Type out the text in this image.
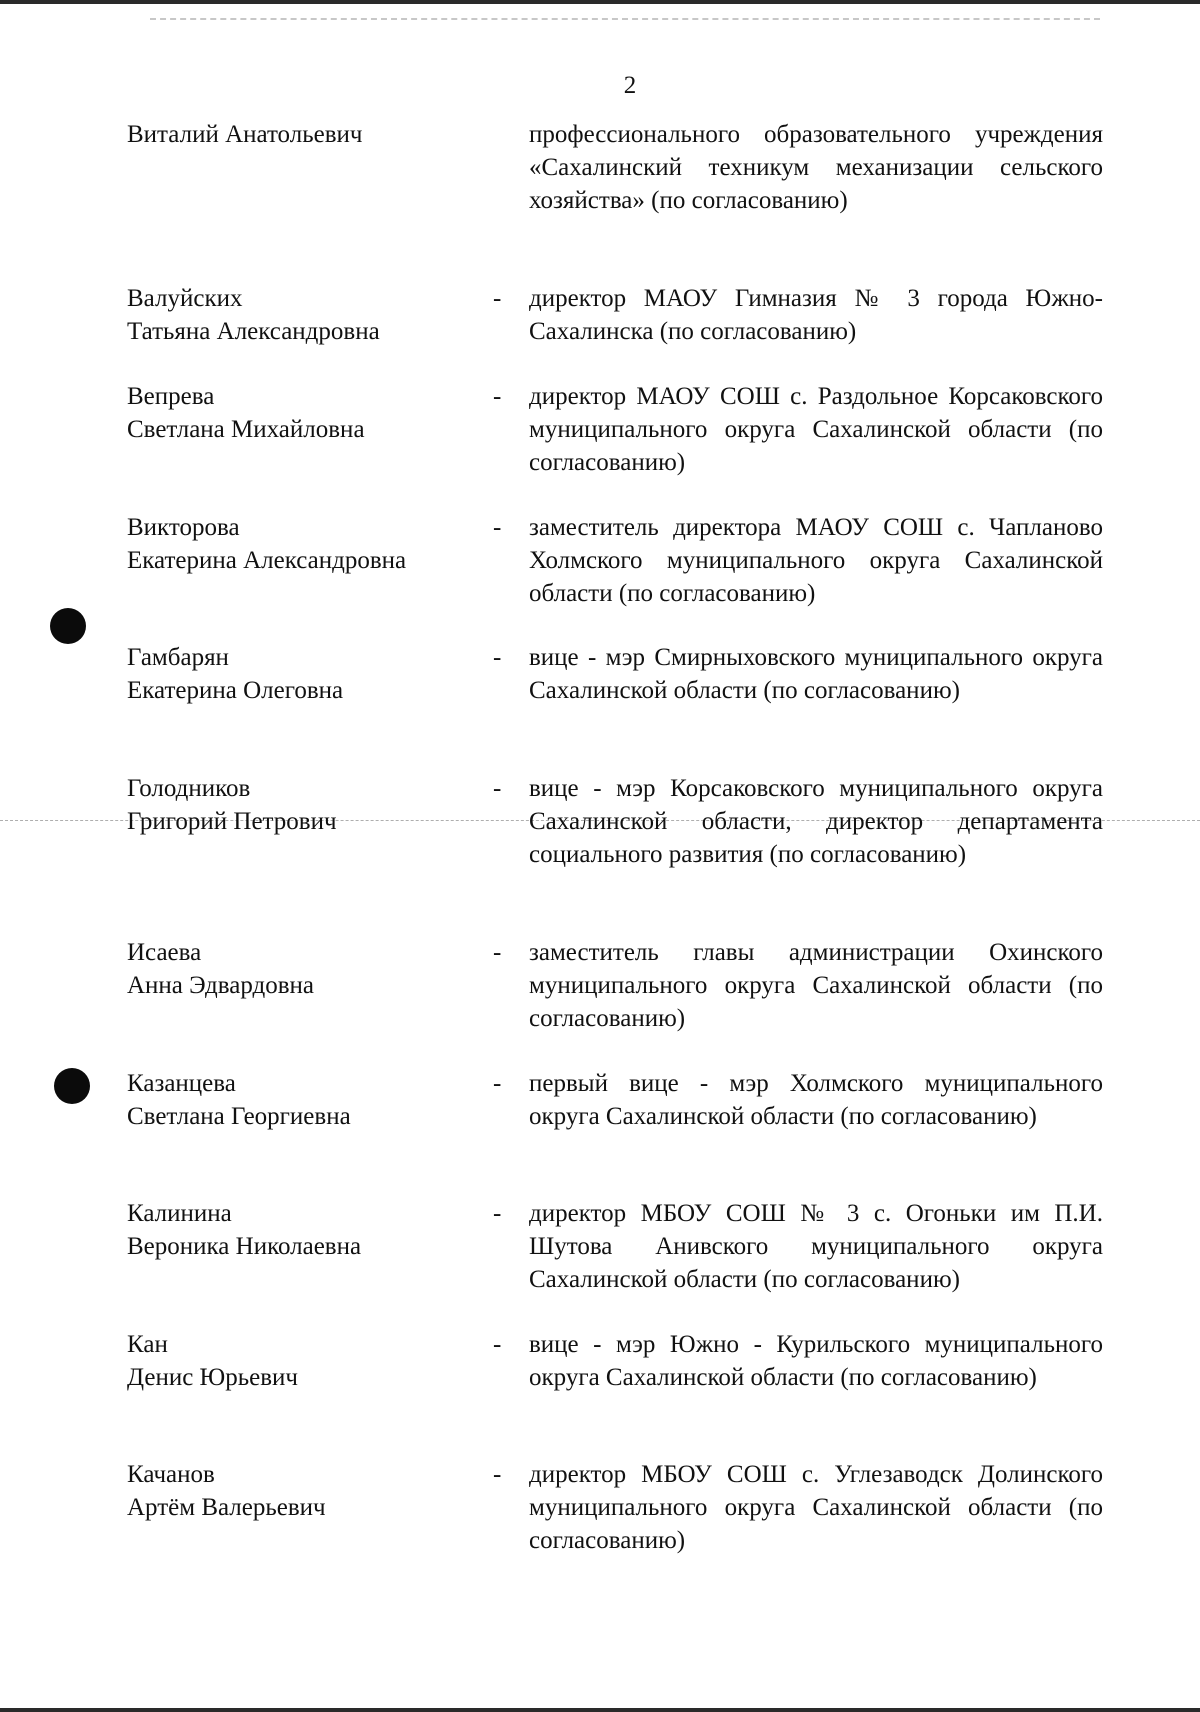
2
Виталий Анатольевич	профессионального образовательного учреждения «Сахалинский техникум механизации сельского хозяйства» (по согласованию)
Валуйских
Татьяна Александровна
- директор МАОУ Гимназия № 3 города Южно-Сахалинска (по согласованию)
Вепрева
Светлана Михайловна
- директор МАОУ СОШ с. Раздольное Корсаковского муниципального округа Сахалинской области (по согласованию)
Викторова
Екатерина Александровна
- заместитель директора МАОУ СОШ с. Чапланово Холмского муниципального округа Сахалинской области (по согласованию)
Гамбарян
Екатерина Олеговна
- вице - мэр Смирныховского муниципального округа Сахалинской области (по согласованию)
Голодников
Григорий Петрович
- вице - мэр Корсаковского муниципального округа Сахалинской области, директор департамента социального развития (по согласованию)
Исаева
Анна Эдвардовна
- заместитель главы администрации Охинского муниципального округа Сахалинской области (по согласованию)
Казанцева
Светлана Георгиевна
- первый вице - мэр Холмского муниципального округа Сахалинской области (по согласованию)
Калинина
Вероника Николаевна
- директор МБОУ СОШ № 3 с. Огоньки им П.И. Шутова Анивского муниципального округа Сахалинской области (по согласованию)
Кан
Денис Юрьевич
- вице - мэр Южно - Курильского муниципального округа Сахалинской области (по согласованию)
Качанов
Артём Валерьевич
- директор МБОУ СОШ с. Углезаводск Долинского муниципального округа Сахалинской области (по согласованию)
